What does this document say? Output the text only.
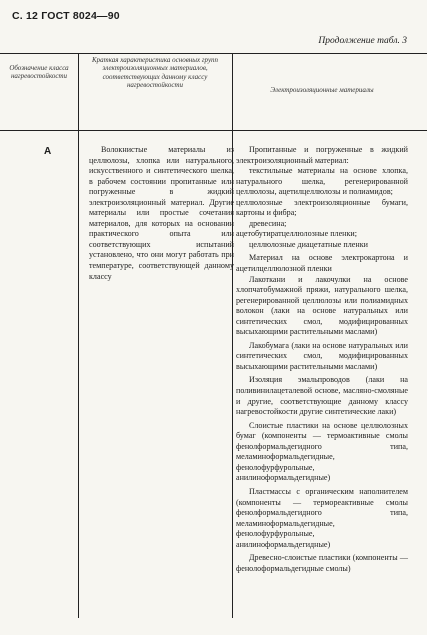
С. 12 ГОСТ 8024—90
Продолжение табл. 3
Обозначение класса нагревостойкости
Краткая характеристика основных групп электроизоляционных материалов, соответствующих данному классу нагревостойкости
Электроизоляционные материалы
А	Волокнистые материалы из целлюлозы, хлопка или натурального, искусственного и синтетического шелка, в рабочем состоянии пропитанные или погруженные в жидкий электроизоляционный материал. Другие материалы или простые сочетания материалов, для которых на основании практического опыта или соответствующих испытаний установлено, что они могут работать при температуре, соответствующей данному классу

Пропитанные и погруженные в жидкий электроизоляционный материал:

текстильные материалы на основе хлопка, натурального шелка, регенерированной целлюлозы, ацетилцеллюлозы и полиамидов;

целлюлозные электроизоляционные бумаги, картоны и фибра;

древесина;

ацетобутиратцеллюлозные пленки;

целлюлозные диацетатные пленки

Материал на основе электрокартона и ацетилцеллюлозной пленки

Лакоткани и лакочулки на основе хлопчатобумажной пряжи, натурального шелка, регенерированной целлюлозы или полиамидных волокон (лаки на основе натуральных или синтетических смол, модифицированных высыхающими растительными маслами)

Лакобумага (лаки на основе натуральных или синтетических смол, модифицированных высыхающими растительными маслами)

Изоляция эмальпроводов (лаки на поливинилацеталевой основе, масляно-смоляные и другие, соответствующие данному классу нагревостойкости другие синтетические лаки)

Слоистые пластики на основе целлюлозных бумаг (компоненты — термоактивные смолы фенолформальдегидного типа, меламиноформальдегидные, фенолофурфурольные, анилиноформальдегидные)

Пластмассы с органическим наполнителем (компоненты — термореактивные смолы фенолформальдегидного типа, меламиноформальдегидные, фенолофурфурольные, анилиноформальдегидные)

Древесно-слоистые пластики (компоненты — фенолоформальдегидные смолы)
